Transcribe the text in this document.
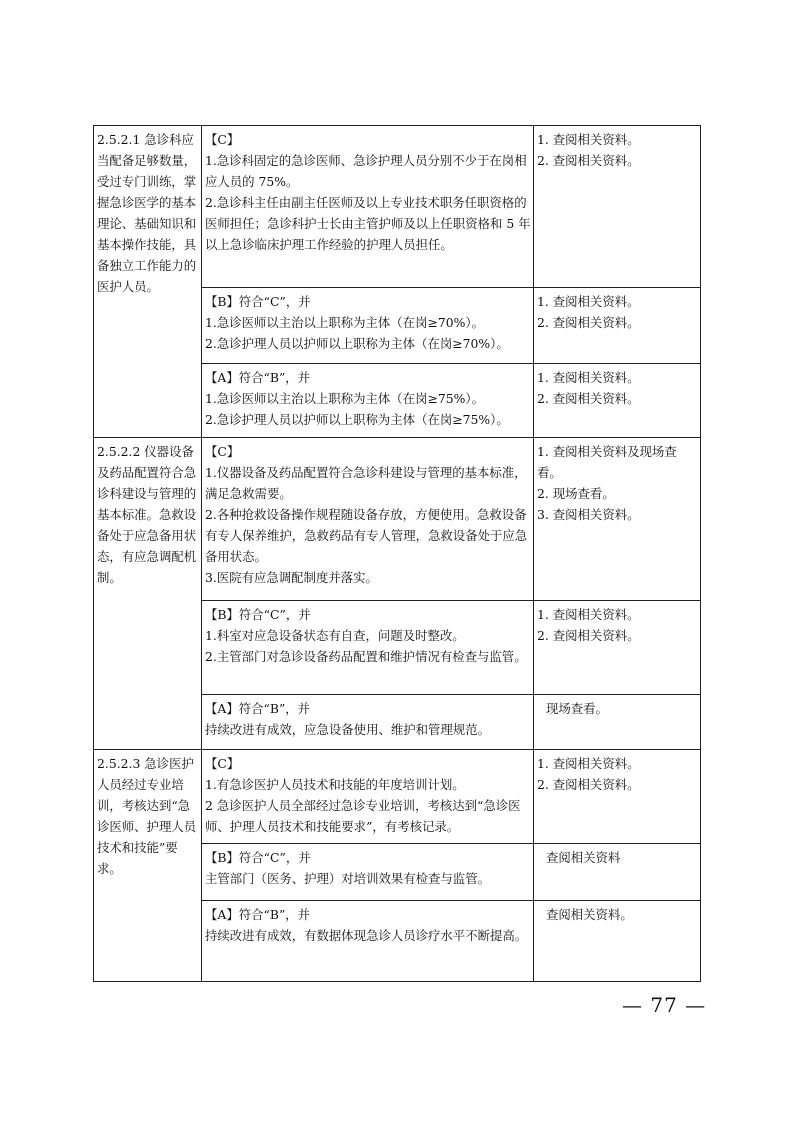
2.5.2.1 急诊科应当配备足够数量，受过专门训练，掌握急诊医学的基本理论、基础知识和基本操作技能，具备独立工作能力的医护人员。	【C】
1.急诊科固定的急诊医师、急诊护理人员分别不少于在岗相应人员的 75%。
2.急诊科主任由副主任医师及以上专业技术职务任职资格的医师担任；急诊科护士长由主管护师及以上任职资格和 5 年以上急诊临床护理工作经验的护理人员担任。	1. 查阅相关资料。
2. 查阅相关资料。

	【B】符合“C”，并
1.急诊医师以主治以上职称为主体（在岗≥70%）。
2.急诊护理人员以护师以上职称为主体（在岗≥70%）。	1. 查阅相关资料。
2. 查阅相关资料。

	【A】符合“B”，并
1.急诊医师以主治以上职称为主体（在岗≥75%）。
2.急诊护理人员以护师以上职称为主体（在岗≥75%）。	1. 查阅相关资料。
2. 查阅相关资料。

2.5.2.2 仪器设备及药品配置符合急诊科建设与管理的基本标准。急救设备处于应急备用状态，有应急调配机制。	【C】
1.仪器设备及药品配置符合急诊科建设与管理的基本标准，满足急救需要。
2.各种抢救设备操作规程随设备存放，方便使用。急救设备有专人保养维护，急救药品有专人管理，急救设备处于应急备用状态。
3.医院有应急调配制度并落实。	1. 查阅相关资料及现场查看。
2. 现场查看。
3. 查阅相关资料。

	【B】符合“C”，并
1.科室对应急设备状态有自查，问题及时整改。
2.主管部门对急诊设备药品配置和维护情况有检查与监管。	1. 查阅相关资料。
2. 查阅相关资料。

	【A】符合“B”，并
持续改进有成效，应急设备使用、维护和管理规范。	现场查看。

2.5.2.3 急诊医护人员经过专业培训，考核达到“急诊医师、护理人员技术和技能”要求。	【C】
1.有急诊医护人员技术和技能的年度培训计划。
2 急诊医护人员全部经过急诊专业培训，考核达到“急诊医师、护理人员技术和技能要求”，有考核记录。	1. 查阅相关资料。
2. 查阅相关资料。

	【B】符合“C”，并
主管部门（医务、护理）对培训效果有检查与监管。	查阅相关资料

	【A】符合“B”，并
持续改进有成效，有数据体现急诊人员诊疗水平不断提高。	查阅相关资料。
— 77 —
